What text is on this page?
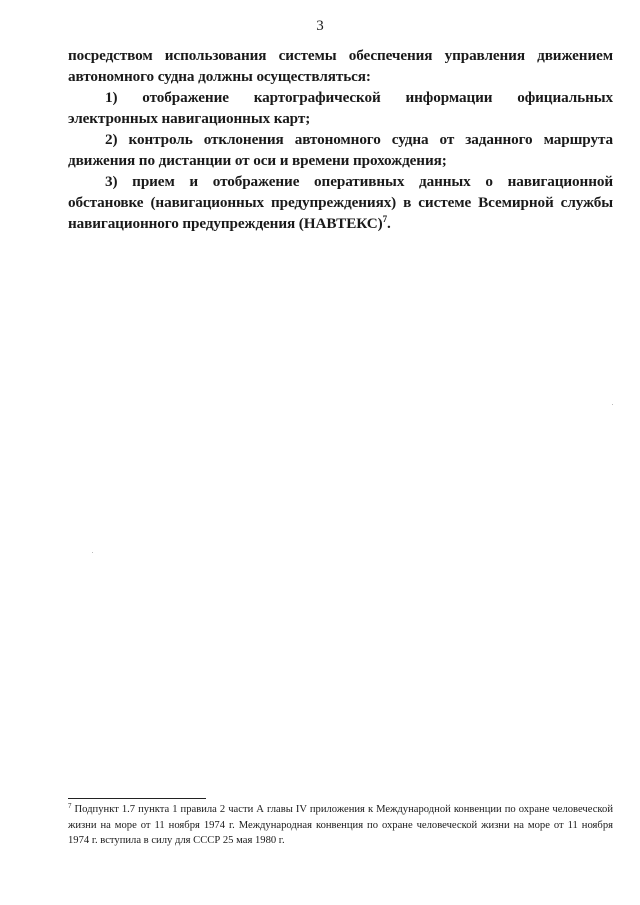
3

посредством использования системы обеспечения управления движением автономного судна должны осуществляться:

1) отображение картографической информации официальных электронных навигационных карт;

2) контроль отклонения автономного судна от заданного маршрута движения по дистанции от оси и времени прохождения;

3) прием и отображение оперативных данных о навигационной обстановке (навигационных предупреждениях) в системе Всемирной службы навигационного предупреждения (НАВТЕКС)$^7$.

$^7$ Подпункт 1.7 пункта 1 правила 2 части А главы IV приложения к Международной конвенции по охране человеческой жизни на море от 11 ноября 1974 г. Международная конвенция по охране человеческой жизни на море от 11 ноября 1974 г. вступила в силу для СССР 25 мая 1980 г.
